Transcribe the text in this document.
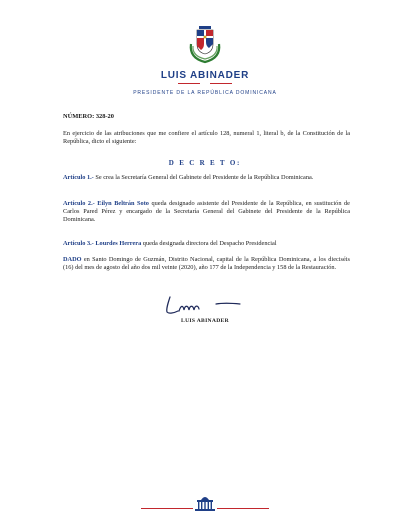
LUIS ABINADER
PRESIDENTE DE LA REPÚBLICA DOMINICANA
NÚMERO: 328-20
En ejercicio de las atribuciones que me confiere el artículo 128, numeral 1, literal b, de la Constitución de la República, dicto el siguiente:
D E C R E T O:
Artículo 1.- Se crea la Secretaría General del Gabinete del Presidente de la República Dominicana.
Artículo 2.- Eilyn Beltrán Soto queda designado asistente del Presidente de la República, en sustitución de Carlos Pared Pérez y encargado de la Secretaría General del Gabinete del Presidente de la República Dominicana.
Artículo 3.- Lourdes Herrera queda designada directora del Despacho Presidencial
DADO en Santo Domingo de Guzmán, Distrito Nacional, capital de la República Dominicana, a los dieciséis (16) del mes de agosto del año dos mil veinte (2020), año 177 de la Independencia y 158 de la Restauración.
LUIS ABINADER
